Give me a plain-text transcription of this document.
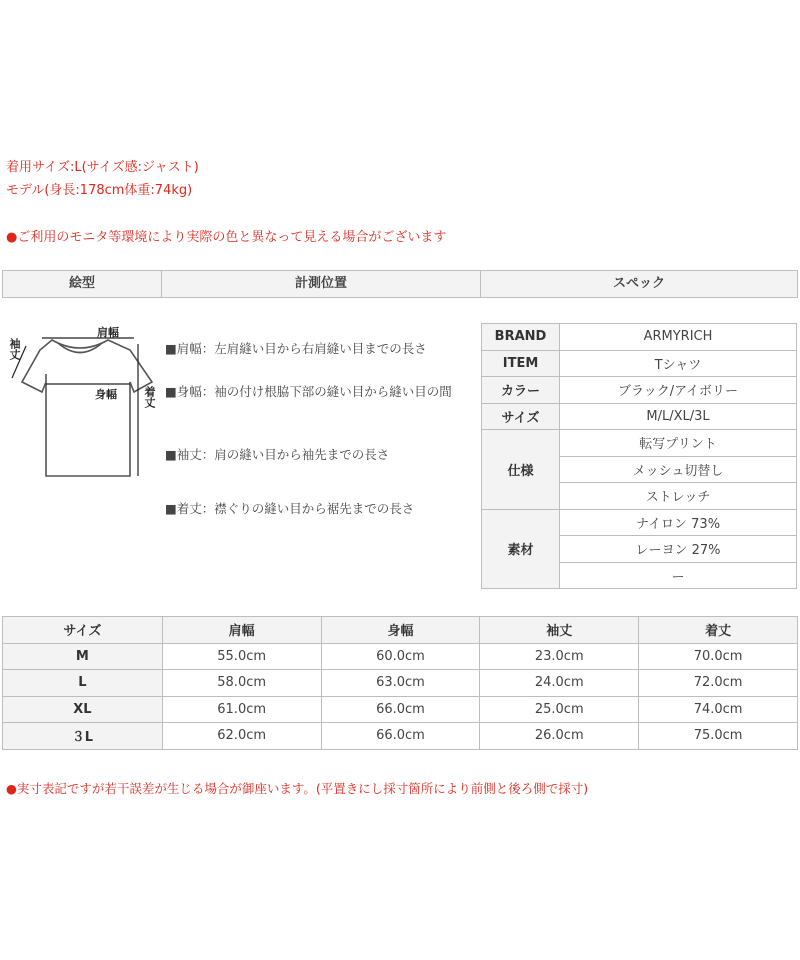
着用サイズ:L(サイズ感:ジャスト)
モデル(身長:178cm体重:74kg)
●ご利用のモニタ等環境により実際の色と異なって見える場合がございます
絵型	計測位置	スペック
肩幅
身幅
袖丈
着丈
■肩幅：左肩縫い目から右肩縫い目までの長さ
■身幅：袖の付け根脇下部の縫い目から縫い目の間
■袖丈：肩の縫い目から袖先までの長さ
■着丈：襟ぐりの縫い目から裾先までの長さ
BRAND	ARMYRICH
ITEM	Tシャツ
カラー	ブラック/アイボリー
サイズ	M/L/XL/3L
仕様	転写プリント
	メッシュ切替し
	ストレッチ
素材	ナイロン 73%
	レーヨン 27%
	ー
サイズ	肩幅	身幅	袖丈	着丈
M	55.0cm	60.0cm	23.0cm	70.0cm
L	58.0cm	63.0cm	24.0cm	72.0cm
XL	61.0cm	66.0cm	25.0cm	74.0cm
３L	62.0cm	66.0cm	26.0cm	75.0cm
●実寸表記ですが若干誤差が生じる場合が御座います。(平置きにし採寸箇所により前側と後ろ側で採寸)
